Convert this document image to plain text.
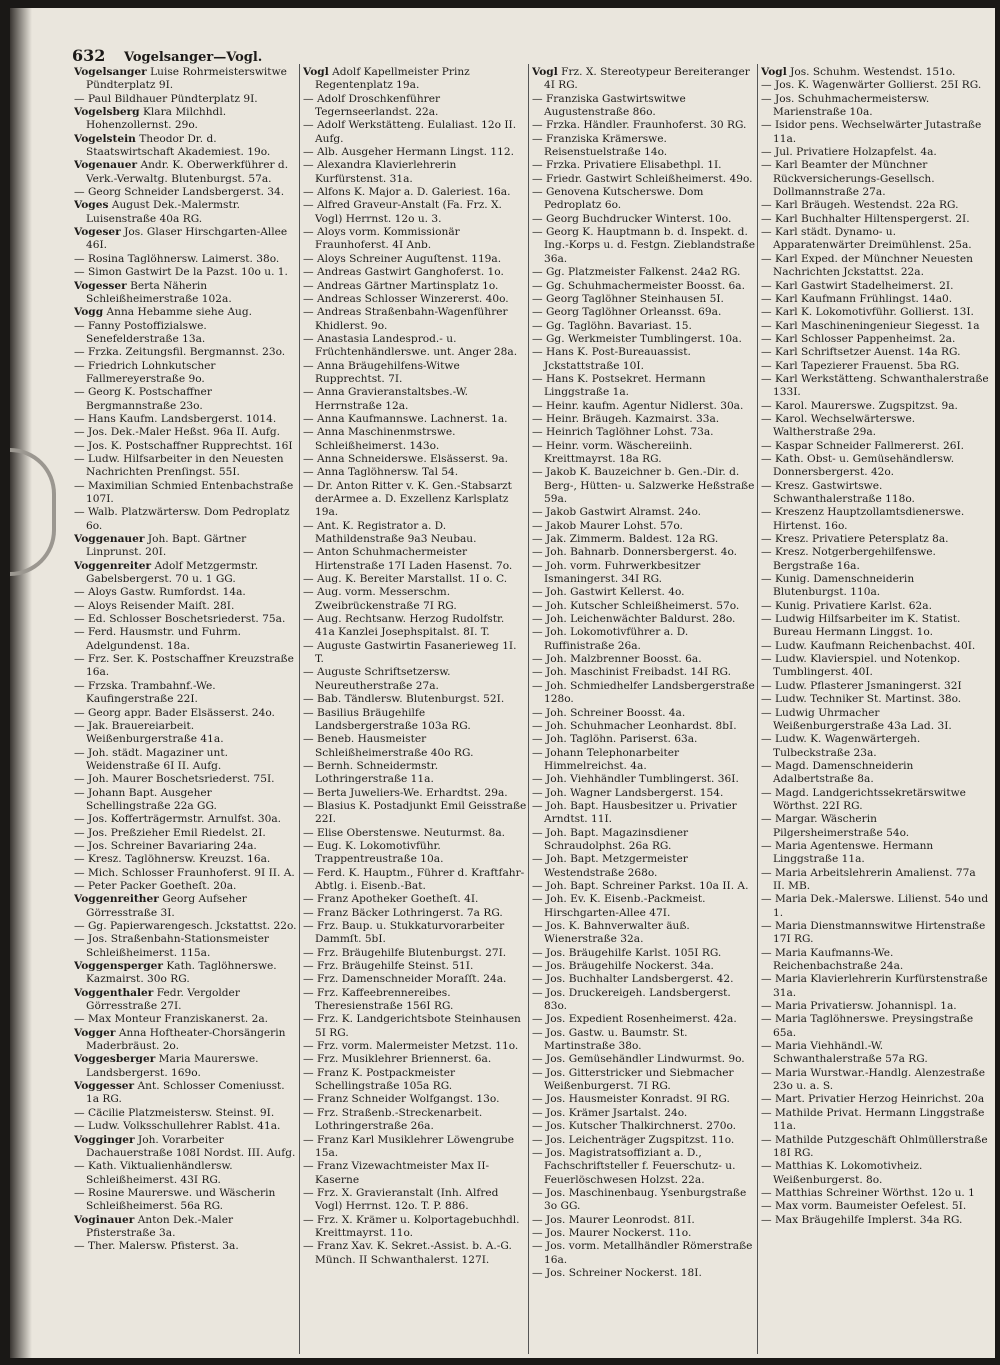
632 Vogelsanger—Vogl.
Vogelsanger Luise Rohrmeisterswitwe Pündterplatz 9I.
— Paul Bildhauer Pündterplatz 9I.
Vogelsberg Klara Milchhdl. Hohenzollernst. 29o.
Vogelstein Theodor Dr. d. Staatswirtschaft Akademiest. 19o.
Vogenauer Andr. K. Oberwerkführer d. Verk.-Verwaltg. Blutenburgst. 57a.
— Georg Schneider Landsbergerst. 34.
Voges August Dek.-Malermstr. Luisenstraße 40a RG.
Vogeser Jos. Glaser Hirschgarten-Allee 46I.
— Rosina Taglöhnersw. Laimerst. 38o.
— Simon Gastwirt De la Pazst. 10o u. 1.
Vogesser Berta Näherin Schleißheimerstraße 102a.
Vogg Anna Hebamme siehe Aug.
— Fanny Postoffizialswe. Senefelderstraße 13a.
— Frzka. Zeitungsfil. Bergmannst. 23o.
— Friedrich Lohnkutscher Fallmereyerstraße 9o.
— Georg K. Postschaffner Bergmannstraße 23o.
— Hans Kaufm. Landsbergerst. 1014.
— Jos. Dek.-Maler Heßst. 96a II. Aufg.
— Jos. K. Postschaffner Rupprechtst. 16I
— Ludw. Hilfsarbeiter in den Neuesten Nachrichten Prenſingst. 55I.
— Maximilian Schmied Entenbachstraße 107I.
— Walb. Platzwärtersw. Dom Pedroplatz 6o.
Voggenauer Joh. Bapt. Gärtner Linprunst. 20I.
Voggenreiter Adolf Metzgermstr. Gabelsbergerst. 70 u. 1 GG.
— Aloys Gastw. Rumfordst. 14a.
— Aloys Reisender Maiſt. 28I.
— Ed. Schlosser Boschetsriederst. 75a.
— Ferd. Hausmstr. und Fuhrm. Adelgundenst. 18a.
— Frz. Ser. K. Postschaffner Kreuzstraße 16a.
— Frzska. Trambahnf.-We. Kaufingerstraße 22I.
— Georg appr. Bader Elsässerst. 24o.
— Jak. Brauereiarbeit. Weißenburgerstraße 41a.
— Joh. städt. Magaziner unt. Weidenstraße 6I II. Aufg.
— Joh. Maurer Boschetsriederst. 75I.
— Johann Bapt. Ausgeher Schellingstraße 22a GG.
— Jos. Kofferträgermstr. Arnulfst. 30a.
— Jos. Preßzieher Emil Riedelst. 2I.
— Jos. Schreiner Bavariaring 24a.
— Kresz. Taglöhnersw. Kreuzst. 16a.
— Mich. Schlosser Fraunhoferst. 9I II. A.
— Peter Packer Goetheſt. 20a.
Voggenreither Georg Aufseher Görresstraße 3I.
— Gg. Papierwarengesch. Jckstattst. 22o.
— Jos. Straßenbahn-Stationsmeister Schleißheimerst. 115a.
Voggensperger Kath. Taglöhnerswe. Kazmairst. 30o RG.
Voggenthaler Fedr. Vergolder Görresstraße 27I.
— Max Monteur Franziskanerst. 2a.
Vogger Anna Hoftheater-Chorsängerin Maderbräust. 2o.
Voggesberger Maria Maurerswe. Landsbergerst. 169o.
Voggesser Ant. Schlosser Comeniusst. 1a RG.
— Cäcilie Platzmeistersw. Steinst. 9I.
— Ludw. Volksschullehrer Rablst. 41a.
Vogginger Joh. Vorarbeiter Dachauerstraße 108I Nordst. III. Aufg.
— Kath. Viktualienhändlersw. Schleißheimerst. 43I RG.
— Rosine Maurerswe. und Wäscherin Schleißheimerst. 56a RG.
Voginauer Anton Dek.-Maler Pfisterstraße 3a.
— Ther. Malersw. Pfisterst. 3a.
Vogl Adolf Kapellmeister Prinz Regentenplatz 19a.
— Adolf Droschkenführer Tegernseerlandst. 22a.
— Adolf Werkstätteng. Eulaliast. 12o II. Aufg.
— Alb. Ausgeher Hermann Lingst. 112.
— Alexandra Klavierlehrerin Kurfürstenst. 31a.
— Alfons K. Major a. D. Galeriest. 16a.
— Alfred Graveur-Anstalt (Fa. Frz. X. Vogl) Herrnst. 12o u. 3.
— Aloys vorm. Kommissionär Fraunhoferst. 4I Anb.
— Aloys Schreiner Auguſtenst. 119a.
— Andreas Gastwirt Ganghoferst. 1o.
— Andreas Gärtner Martinsplatz 1o.
— Andreas Schlosser Winzererst. 40o.
— Andreas Straßenbahn-Wagenführer Khidlerst. 9o.
— Anastasia Landesprod.- u. Früchtenhändlerswe. unt. Anger 28a.
— Anna Bräugehilfens-Witwe Rupprechtst. 7I.
— Anna Gravieranstaltsbes.-W. Herrnstraße 12a.
— Anna Kaufmannswe. Lachnerst. 1a.
— Anna Maschinenmstrswe. Schleißheimerst. 143o.
— Anna Schneiderswe. Elsässerst. 9a.
— Anna Taglöhnersw. Tal 54.
— Dr. Anton Ritter v. K. Gen.-Stabsarzt derArmee a. D. Exzellenz Karlsplatz 19a.
— Ant. K. Registrator a. D. Mathildenstraße 9a3 Neubau.
— Anton Schuhmachermeister Hirtenstraße 17I Laden Hasenst. 7o.
— Aug. K. Bereiter Marstallst. 1I o. C.
— Aug. vorm. Messerschm. Zweibrückenstraße 7I RG.
— Aug. Rechtsanw. Herzog Rudolfstr. 41a Kanzlei Josephspitalst. 8I. T.
— Auguste Gastwirtin Fasanerieweg 1I. T.
— Auguste Schriftsetzersw. Neureutherstraße 27a.
— Bab. Tändlersw. Blutenburgst. 52I.
— Basilius Bräugehilfe Landsbergerstraße 103a RG.
— Beneb. Hausmeister Schleißheimerstraße 40o RG.
— Bernh. Schneidermstr. Lothringerstraße 11a.
— Berta Juweliers-We. Erhardtst. 29a.
— Blasius K. Postadjunkt Emil Geisstraße 22I.
— Elise Oberstenswe. Neuturmst. 8a.
— Eug. K. Lokomotivführ. Trappentreustraße 10a.
— Ferd. K. Hauptm., Führer d. Kraftfahr-Abtlg. i. Eisenb.-Bat.
— Franz Apotheker Goetheſt. 4I.
— Franz Bäcker Lothringerst. 7a RG.
— Frz. Baup. u. Stukkaturvorarbeiter Dammſt. 5bI.
— Frz. Bräugehilfe Blutenburgst. 27I.
— Frz. Bräugehilfe Steinst. 51I.
— Frz. Damenschneider Moraſſt. 24a.
— Frz. Kaffeebrennereibes. Theresienstraße 156I RG.
— Frz. K. Landgerichtsbote Steinhausen 5I RG.
— Frz. vorm. Malermeister Metzst. 11o.
— Frz. Musiklehrer Briennerst. 6a.
— Franz K. Postpackmeister Schellingstraße 105a RG.
— Franz Schneider Wolfgangst. 13o.
— Frz. Straßenb.-Streckenarbeit. Lothringerstraße 26a.
— Franz Karl Musiklehrer Löwengrube 15a.
— Franz Vizewachtmeister Max II-Kaserne
— Frz. X. Gravieranstalt (Inh. Alfred Vogl) Herrnst. 12o. T. P. 886.
— Frz. X. Krämer u. Kolportagebuchhdl. Kreittmayrst. 11o.
— Franz Xav. K. Sekret.-Assist. b. A.-G. Münch. II Schwanthalerst. 127I.
Vogl Frz. X. Stereotypeur Bereiteranger 4I RG.
— Franziska Gastwirtswitwe Augustenstraße 86o.
— Frzka. Händler. Fraunhoferst. 30 RG.
— Franziska Krämerswe. Reisenstuelstraße 14o.
— Frzka. Privatiere Elisabethpl. 1I.
— Friedr. Gastwirt Schleißheimerst. 49o.
— Genovena Kutscherswe. Dom Pedroplatz 6o.
— Georg Buchdrucker Winterst. 10o.
— Georg K. Hauptmann b. d. Inspekt. d. Ing.-Korps u. d. Festgn. Zieblandstraße 36a.
— Gg. Platzmeister Falkenst. 24a2 RG.
— Gg. Schuhmachermeister Boosst. 6a.
— Georg Taglöhner Steinhausen 5I.
— Georg Taglöhner Orleansst. 69a.
— Gg. Taglöhn. Bavariast. 15.
— Gg. Werkmeister Tumblingerst. 10a.
— Hans K. Post-Bureauassist. Jckstattstraße 10I.
— Hans K. Postsekret. Hermann Linggstraße 1a.
— Heinr. kaufm. Agentur Nidlerst. 30a.
— Heinr. Bräugeh. Kazmairst. 33a.
— Heinrich Taglöhner Lohst. 73a.
— Heinr. vorm. Wäschereiinh. Kreittmayrst. 18a RG.
— Jakob K. Bauzeichner b. Gen.-Dir. d. Berg-, Hütten- u. Salzwerke Heßstraße 59a.
— Jakob Gastwirt Alramst. 24o.
— Jakob Maurer Lohst. 57o.
— Jak. Zimmerm. Baldest. 12a RG.
— Joh. Bahnarb. Donnersbergerst. 4o.
— Joh. vorm. Fuhrwerkbesitzer Ismaningerst. 34I RG.
— Joh. Gastwirt Kellerst. 4o.
— Joh. Kutscher Schleißheimerst. 57o.
— Joh. Leichenwächter Baldurst. 28o.
— Joh. Lokomotivführer a. D. Ruffinistraße 26a.
— Joh. Malzbrenner Boosst. 6a.
— Joh. Maschinist Freibadst. 14I RG.
— Joh. Schmiedhelfer Landsbergerstraße 128o.
— Joh. Schreiner Boosst. 4a.
— Joh. Schuhmacher Leonhardst. 8bI.
— Joh. Taglöhn. Pariserst. 63a.
— Johann Telephonarbeiter Himmelreichst. 4a.
— Joh. Viehhändler Tumblingerst. 36I.
— Joh. Wagner Landsbergerst. 154.
— Joh. Bapt. Hausbesitzer u. Privatier Arndtst. 11I.
— Joh. Bapt. Magazinsdiener Schraudolphst. 26a RG.
— Joh. Bapt. Metzgermeister Westendstraße 268o.
— Joh. Bapt. Schreiner Parkst. 10a II. A.
— Joh. Ev. K. Eisenb.-Packmeist. Hirschgarten-Allee 47I.
— Jos. K. Bahnverwalter äuß. Wienerstraße 32a.
— Jos. Bräugehilfe Karlst. 105I RG.
— Jos. Bräugehilfe Nockerst. 34a.
— Jos. Buchhalter Landsbergerst. 42.
— Jos. Druckereigeh. Landsbergerst. 83o.
— Jos. Expedient Rosenheimerst. 42a.
— Jos. Gastw. u. Baumstr. St. Martinstraße 38o.
— Jos. Gemüsehändler Lindwurmst. 9o.
— Jos. Gitterstricker und Siebmacher Weißenburgerst. 7I RG.
— Jos. Hausmeister Konradst. 9I RG.
— Jos. Krämer Jsartalst. 24o.
— Jos. Kutscher Thalkirchnerst. 270o.
— Jos. Leichenträger Zugspitzst. 11o.
— Jos. Magistratsoffiziant a. D., Fachschriftsteller f. Feuerschutz- u. Feuerlöschwesen Holzst. 22a.
— Jos. Maschinenbaug. Ysenburgstraße 3o GG.
— Jos. Maurer Leonrodst. 81I.
— Jos. Maurer Nockerst. 11o.
— Jos. vorm. Metallhändler Römerstraße 16a.
— Jos. Schreiner Nockerst. 18I.
Vogl Jos. Schuhm. Westendst. 151o.
— Jos. K. Wagenwärter Gollierst. 25I RG.
— Jos. Schuhmachermeistersw. Marienstraße 10a.
— Isidor pens. Wechselwärter Jutastraße 11a.
— Jul. Privatiere Holzapfelst. 4a.
— Karl Beamter der Münchner Rückversicherungs-Gesellsch. Dollmannstraße 27a.
— Karl Bräugeh. Westendst. 22a RG.
— Karl Buchhalter Hiltenspergerst. 2I.
— Karl städt. Dynamo- u. Apparatenwärter Dreimühlenst. 25a.
— Karl Exped. der Münchner Neuesten Nachrichten Jckstattst. 22a.
— Karl Gastwirt Stadelheimerst. 2I.
— Karl Kaufmann Frühlingst. 14a0.
— Karl K. Lokomotivführ. Gollierst. 13I.
— Karl Maschineningenieur Siegesst. 1a
— Karl Schlosser Pappenheimst. 2a.
— Karl Schriftsetzer Auenst. 14a RG.
— Karl Tapezierer Frauenst. 5ba RG.
— Karl Werkstätteng. Schwanthalerstraße 133I.
— Karol. Maurerswe. Zugspitzst. 9a.
— Karol. Wechselwärterswe. Waltherstraße 29a.
— Kaspar Schneider Fallmererst. 26I.
— Kath. Obst- u. Gemüsehändlersw. Donnersbergerst. 42o.
— Kresz. Gastwirtswe. Schwanthalerstraße 118o.
— Kreszenz Hauptzollamtsdienerswe. Hirtenst. 16o.
— Kresz. Privatiere Petersplatz 8a.
— Kresz. Notgerbergehilfenswe. Bergstraße 16a.
— Kunig. Damenschneiderin Blutenburgst. 110a.
— Kunig. Privatiere Karlst. 62a.
— Ludwig Hilfsarbeiter im K. Statist. Bureau Hermann Linggst. 1o.
— Ludw. Kaufmann Reichenbachst. 40I.
— Ludw. Klavierspiel. und Notenkop. Tumblingerst. 40I.
— Ludw. Pflasterer Jsmaningerst. 32I
— Ludw. Techniker St. Martinst. 38o.
— Ludwig Uhrmacher Weißenburgerstraße 43a Lad. 3I.
— Ludw. K. Wagenwärtergeh. Tulbeckstraße 23a.
— Magd. Damenschneiderin Adalbertstraße 8a.
— Magd. Landgerichtssekretärswitwe Wörthst. 22I RG.
— Margar. Wäscherin Pilgersheimerstraße 54o.
— Maria Agentenswe. Hermann Linggstraße 11a.
— Maria Arbeitslehrerin Amalienst. 77a II. MB.
— Maria Dek.-Malerswe. Lilienst. 54o und 1.
— Maria Dienstmannswitwe Hirtenstraße 17I RG.
— Maria Kaufmanns-We. Reichenbachstraße 24a.
— Maria Klavierlehrerin Kurfürstenstraße 31a.
— Maria Privatiersw. Johannispl. 1a.
— Maria Taglöhnerswe. Preysingstraße 65a.
— Maria Viehhändl.-W. Schwanthalerstraße 57a RG.
— Maria Wurstwar.-Handlg. Alenzestraße 23o u. a. S.
— Mart. Privatier Herzog Heinrichst. 20a
— Mathilde Privat. Hermann Linggstraße 11a.
— Mathilde Putzgeschäft Ohlmüllerstraße 18I RG.
— Matthias K. Lokomotivheiz. Weißenburgerst. 8o.
— Matthias Schreiner Wörthst. 12o u. 1
— Max vorm. Baumeister Oefelest. 5I.
— Max Bräugehilfe Implerst. 34a RG.
